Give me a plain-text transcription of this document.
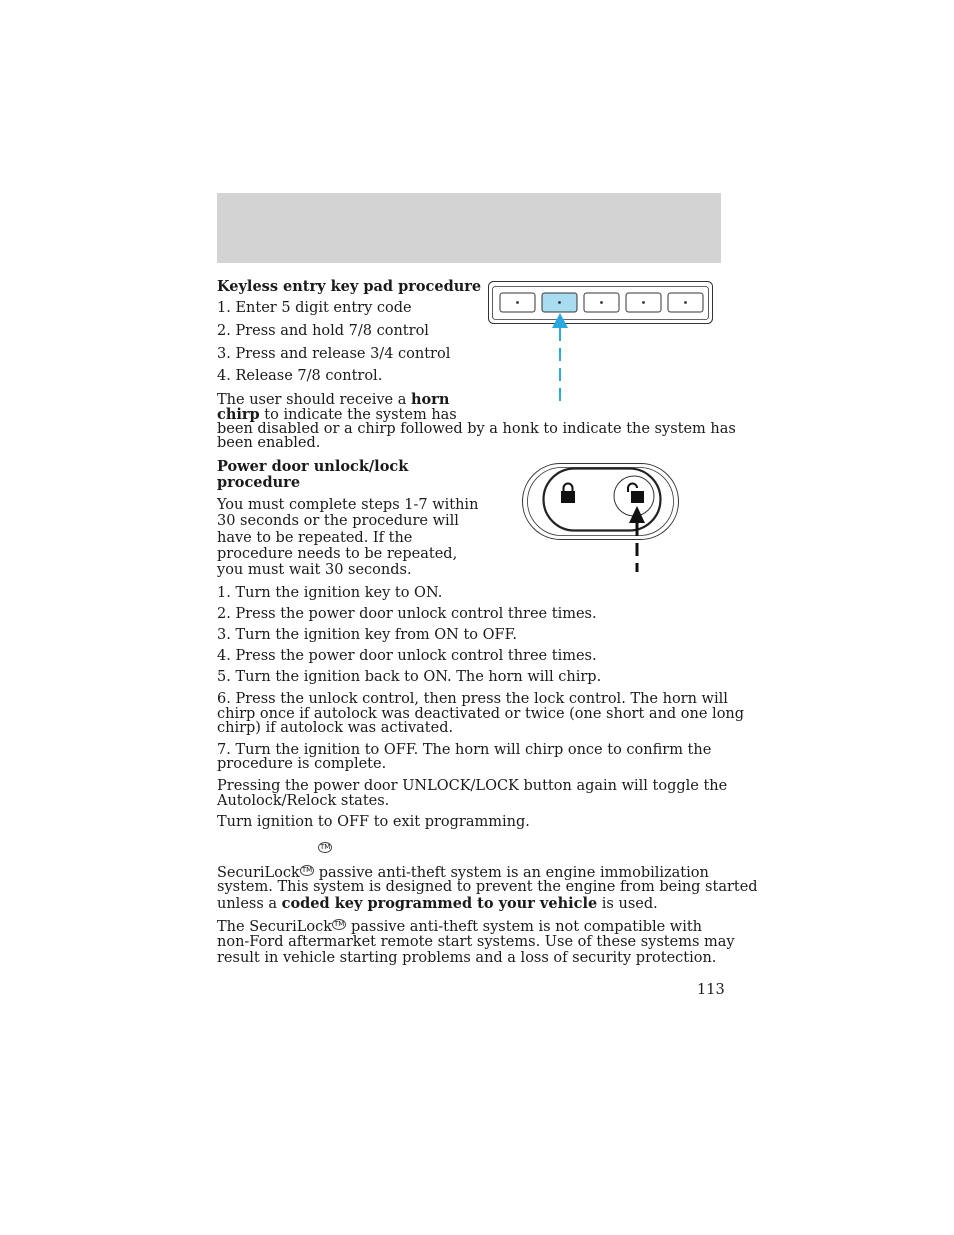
Keyless entry key pad procedure

1. Enter 5 digit entry code

2. Press and hold 7/8 control

3. Press and release 3/4 control

4. Release 7/8 control.

The user should receive a horn

chirp to indicate the system has

been disabled or a chirp followed by a honk to indicate the system has

been enabled.

Power door unlock/lock

procedure

You must complete steps 1-7 within

30 seconds or the procedure will

have to be repeated. If the

procedure needs to be repeated,

you must wait 30 seconds.

1. Turn the ignition key to ON.

2. Press the power door unlock control three times.

3. Turn the ignition key from ON to OFF.

4. Press the power door unlock control three times.

5. Turn the ignition back to ON. The horn will chirp.

6. Press the unlock control, then press the lock control. The horn will

chirp once if autolock was deactivated or twice (one short and one long

chirp) if autolock was activated.

7. Turn the ignition to OFF. The horn will chirp once to confirm the

procedure is complete.

Pressing the power door UNLOCK/LOCK button again will toggle the

Autolock/Relock states.

Turn ignition to OFF to exit programming.

TM

SecuriLock TM passive anti-theft system is an engine immobilization

system. This system is designed to prevent the engine from being started

unless a coded key programmed to your vehicle is used.

The SecuriLock TM passive anti-theft system is not compatible with

non-Ford aftermarket remote start systems. Use of these systems may

result in vehicle starting problems and a loss of security protection.

113
